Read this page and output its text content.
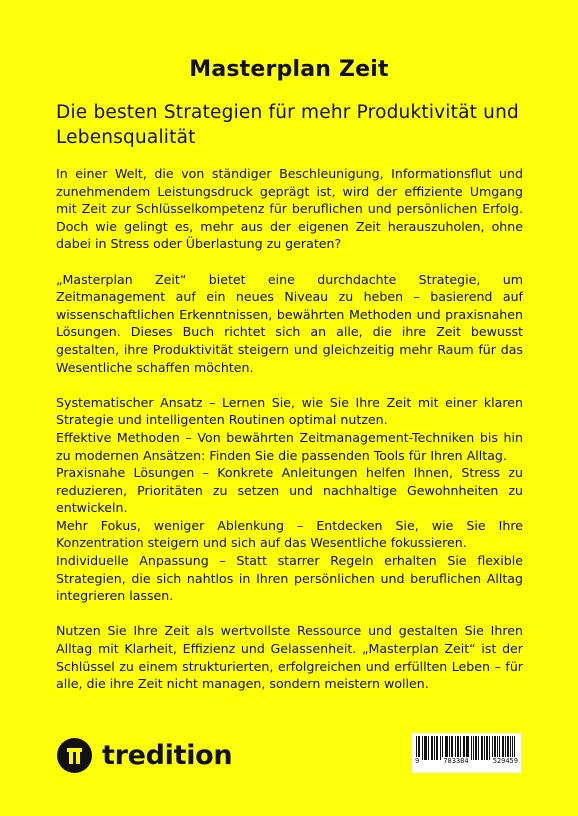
Masterplan Zeit
Die besten Strategien für mehr Produktivität und Lebensqualität

In einer Welt, die von ständiger Beschleunigung, Informationsflut und zunehmendem Leistungsdruck geprägt ist, wird der effiziente Umgang mit Zeit zur Schlüsselkompetenz für beruflichen und persönlichen Erfolg. Doch wie gelingt es, mehr aus der eigenen Zeit herauszuholen, ohne dabei in Stress oder Überlastung zu geraten?

„Masterplan Zeit“ bietet eine durchdachte Strategie, um Zeitmanagement auf ein neues Niveau zu heben – basierend auf wissenschaftlichen Erkenntnissen, bewährten Methoden und praxisnahen Lösungen. Dieses Buch richtet sich an alle, die ihre Zeit bewusst gestalten, ihre Produktivität steigern und gleichzeitig mehr Raum für das Wesentliche schaffen möchten.

Systematischer Ansatz – Lernen Sie, wie Sie Ihre Zeit mit einer klaren Strategie und intelligenten Routinen optimal nutzen.

Effektive Methoden – Von bewährten Zeitmanagement-Techniken bis hin zu modernen Ansätzen: Finden Sie die passenden Tools für Ihren Alltag.

Praxisnahe Lösungen – Konkrete Anleitungen helfen Ihnen, Stress zu reduzieren, Prioritäten zu setzen und nachhaltige Gewohnheiten zu entwickeln.

Mehr Fokus, weniger Ablenkung – Entdecken Sie, wie Sie Ihre Konzentration steigern und sich auf das Wesentliche fokussieren.

Individuelle Anpassung – Statt starrer Regeln erhalten Sie flexible Strategien, die sich nahtlos in Ihren persönlichen und beruflichen Alltag integrieren lassen.

Nutzen Sie Ihre Zeit als wertvollste Ressource und gestalten Sie Ihren Alltag mit Klarheit, Effizienz und Gelassenheit. „Masterplan Zeit“ ist der Schlüssel zu einem strukturierten, erfolgreichen und erfüllten Leben – für alle, die ihre Zeit nicht managen, sondern meistern wollen.

tredition	9	783384	529459
